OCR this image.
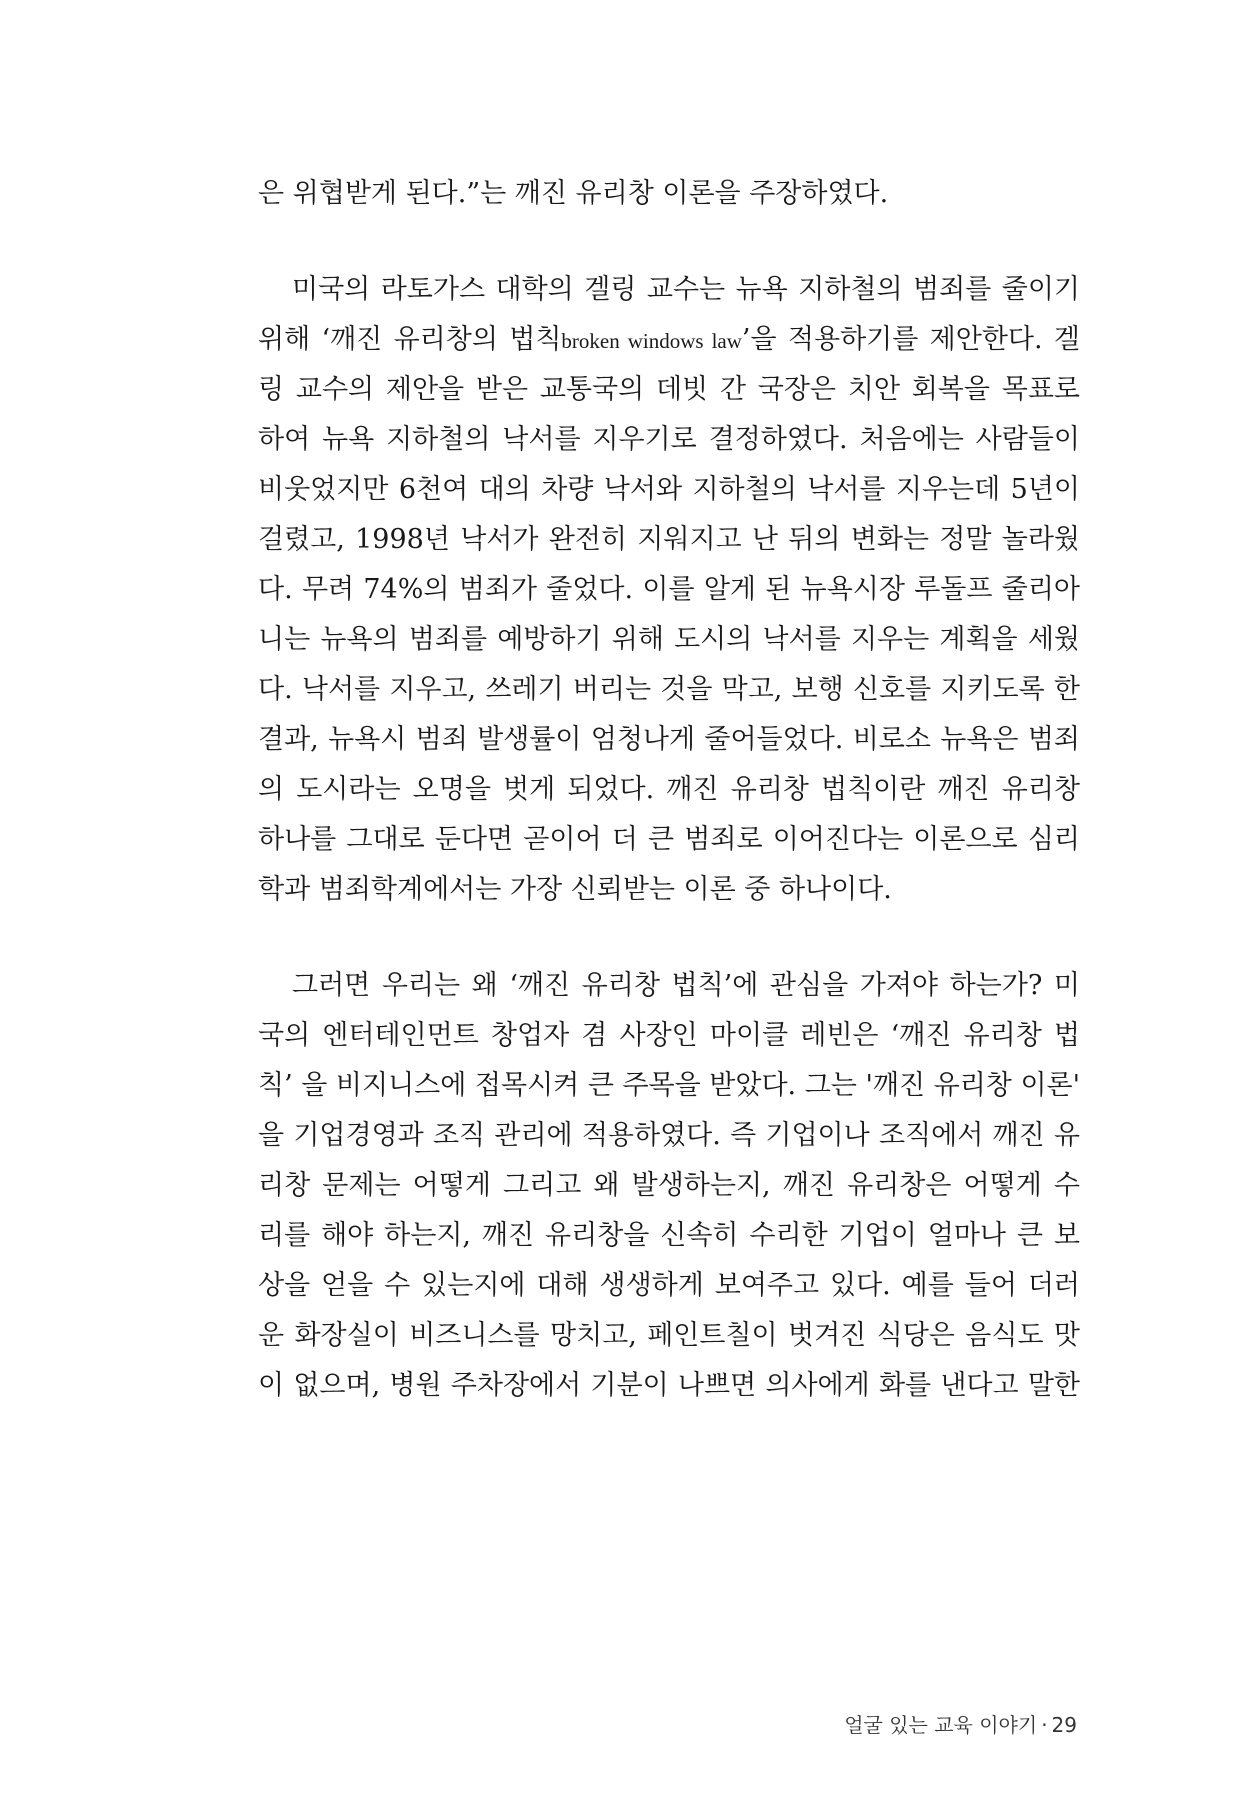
은 위협받게 된다.”는 깨진 유리창 이론을 주장하였다.
미국의 라토가스 대학의 겔링 교수는 뉴욕 지하철의 범죄를 줄이기
위해 ‘깨진 유리창의 법칙broken windows law’을 적용하기를 제안한다. 겔
링 교수의 제안을 받은 교통국의 데빗 간 국장은 치안 회복을 목표로
하여 뉴욕 지하철의 낙서를 지우기로 결정하였다. 처음에는 사람들이
비웃었지만 6천여 대의 차량 낙서와 지하철의 낙서를 지우는데 5년이
걸렸고, 1998년 낙서가 완전히 지워지고 난 뒤의 변화는 정말 놀라웠
다. 무려 74%의 범죄가 줄었다. 이를 알게 된 뉴욕시장 루돌프 줄리아
니는 뉴욕의 범죄를 예방하기 위해 도시의 낙서를 지우는 계획을 세웠
다. 낙서를 지우고, 쓰레기 버리는 것을 막고, 보행 신호를 지키도록 한
결과, 뉴욕시 범죄 발생률이 엄청나게 줄어들었다. 비로소 뉴욕은 범죄
의 도시라는 오명을 벗게 되었다. 깨진 유리창 법칙이란 깨진 유리창
하나를 그대로 둔다면 곧이어 더 큰 범죄로 이어진다는 이론으로 심리
학과 범죄학계에서는 가장 신뢰받는 이론 중 하나이다.
그러면 우리는 왜 ‘깨진 유리창 법칙’에 관심을 가져야 하는가? 미
국의 엔터테인먼트 창업자 겸 사장인 마이클 레빈은 ‘깨진 유리창 법
칙’ 을 비지니스에 접목시켜 큰 주목을 받았다. 그는 '깨진 유리창 이론'
을 기업경영과 조직 관리에 적용하였다. 즉 기업이나 조직에서 깨진 유
리창 문제는 어떻게 그리고 왜 발생하는지, 깨진 유리창은 어떻게 수
리를 해야 하는지, 깨진 유리창을 신속히 수리한 기업이 얼마나 큰 보
상을 얻을 수 있는지에 대해 생생하게 보여주고 있다. 예를 들어 더러
운 화장실이 비즈니스를 망치고, 페인트칠이 벗겨진 식당은 음식도 맛
이 없으며, 병원 주차장에서 기분이 나쁘면 의사에게 화를 낸다고 말한
얼굴 있는 교육 이야기 · 29
